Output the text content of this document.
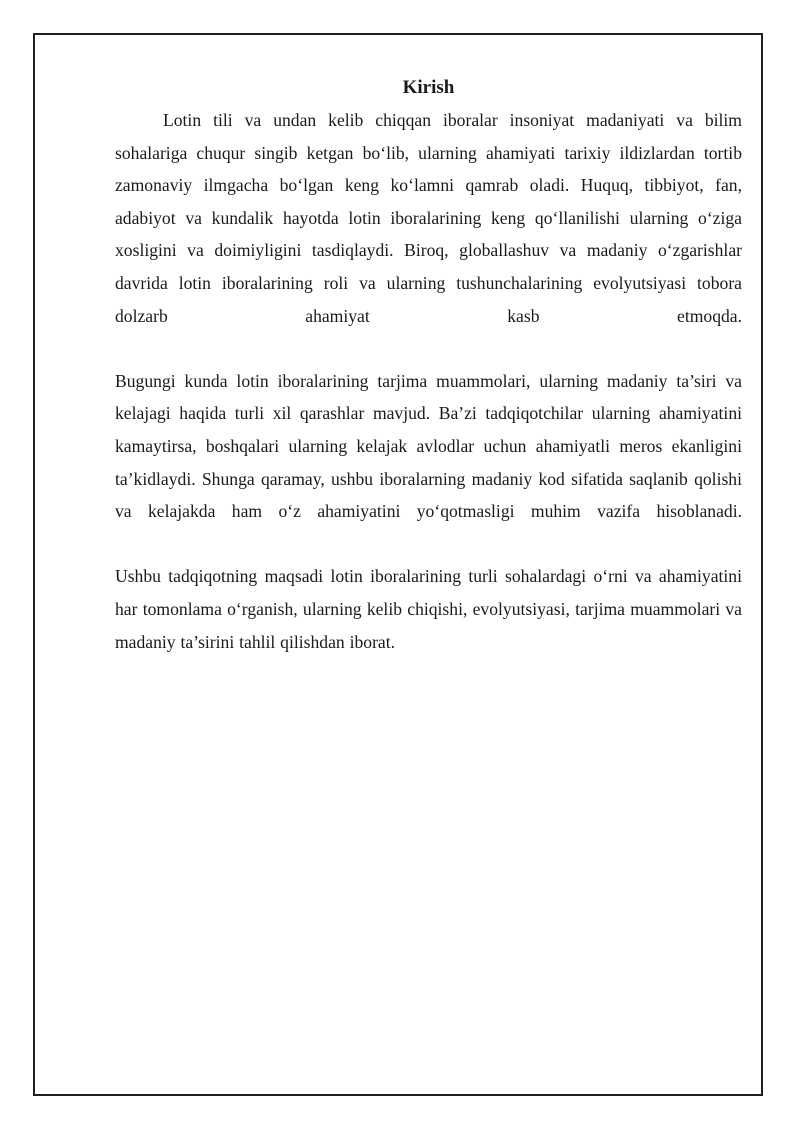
Kirish

Lotin tili va undan kelib chiqqan iboralar insoniyat madaniyati va bilim sohalariga chuqur singib ketgan bo‘lib, ularning ahamiyati tarixiy ildizlardan tortib zamonaviy ilmgacha bo‘lgan keng ko‘lamni qamrab oladi. Huquq, tibbiyot, fan, adabiyot va kundalik hayotda lotin iboralarining keng qo‘llanilishi ularning o‘ziga xosligini va doimiyligini tasdiqlaydi. Biroq, globallashuv va madaniy o‘zgarishlar davrida lotin iboralarining roli va ularning tushunchalarining evolyutsiyasi tobora dolzarb ahamiyat kasb etmoqda.

Bugungi kunda lotin iboralarining tarjima muammolari, ularning madaniy ta’siri va kelajagi haqida turli xil qarashlar mavjud. Ba’zi tadqiqotchilar ularning ahamiyatini kamaytirsa, boshqalari ularning kelajak avlodlar uchun ahamiyatli meros ekanligini ta’kidlaydi. Shunga qaramay, ushbu iboralarning madaniy kod sifatida saqlanib qolishi va kelajakda ham o‘z ahamiyatini yo‘qotmasligi muhim vazifa hisoblanadi.

Ushbu tadqiqotning maqsadi lotin iboralarining turli sohalardagi o‘rni va ahamiyatini har tomonlama o‘rganish, ularning kelib chiqishi, evolyutsiyasi, tarjima muammolari va madaniy ta’sirini tahlil qilishdan iborat.
